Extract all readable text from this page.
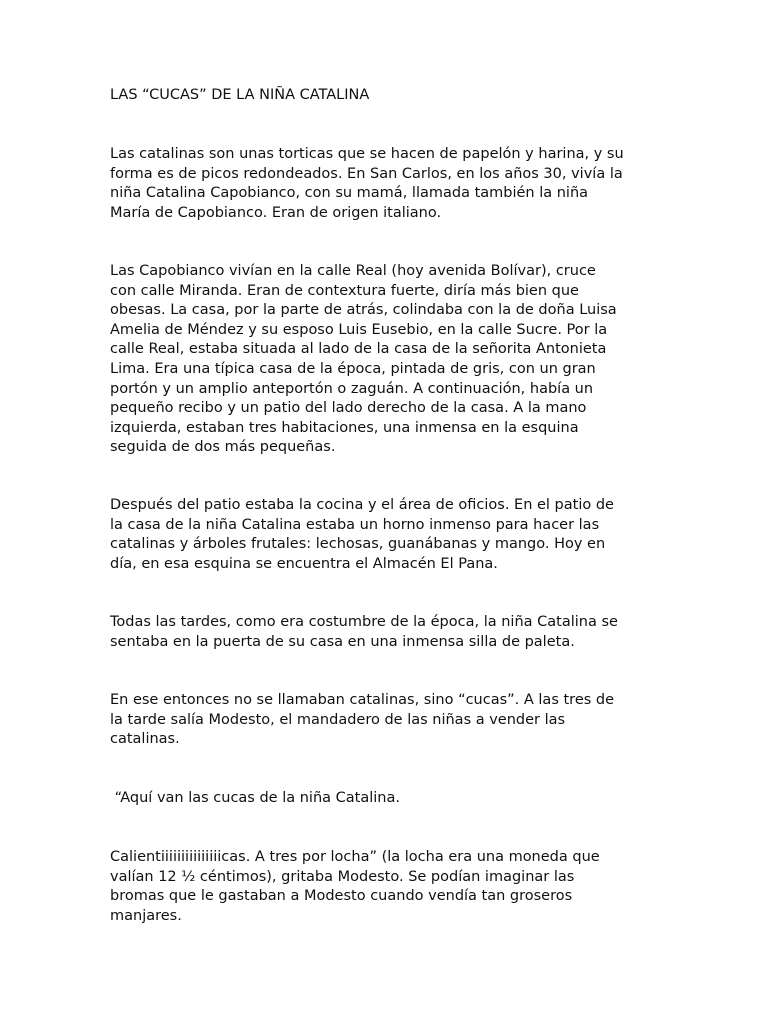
LAS “CUCAS” DE LA NIÑA CATALINA

Las catalinas son unas torticas que se hacen de papelón y harina, y su
forma es de picos redondeados. En San Carlos, en los años 30, vivía la
niña Catalina Capobianco, con su mamá, llamada también la niña
María de Capobianco. Eran de origen italiano.

Las Capobianco vivían en la calle Real (hoy avenida Bolívar), cruce
con calle Miranda. Eran de contextura fuerte, diría más bien que
obesas. La casa, por la parte de atrás, colindaba con la de doña Luisa
Amelia de Méndez y su esposo Luis Eusebio, en la calle Sucre. Por la
calle Real, estaba situada al lado de la casa de la señorita Antonieta
Lima. Era una típica casa de la época, pintada de gris, con un gran
portón y un amplio anteportón o zaguán. A continuación, había un
pequeño recibo y un patio del lado derecho de la casa. A la mano
izquierda, estaban tres habitaciones, una inmensa en la esquina
seguida de dos más pequeñas.

Después del patio estaba la cocina y el área de oficios. En el patio de
la casa de la niña Catalina estaba un horno inmenso para hacer las
catalinas y árboles frutales: lechosas, guanábanas y mango. Hoy en
día, en esa esquina se encuentra el Almacén El Pana.

Todas las tardes, como era costumbre de la época, la niña Catalina se
sentaba en la puerta de su casa en una inmensa silla de paleta.

En ese entonces no se llamaban catalinas, sino “cucas”. A las tres de
la tarde salía Modesto, el mandadero de las niñas a vender las
catalinas.

“Aquí van las cucas de la niña Catalina.

Calientiiiiiiiiiiiiiiicas. A tres por locha” (la locha era una moneda que
valían 12 ½ céntimos), gritaba Modesto. Se podían imaginar las
bromas que le gastaban a Modesto cuando vendía tan groseros
manjares.
